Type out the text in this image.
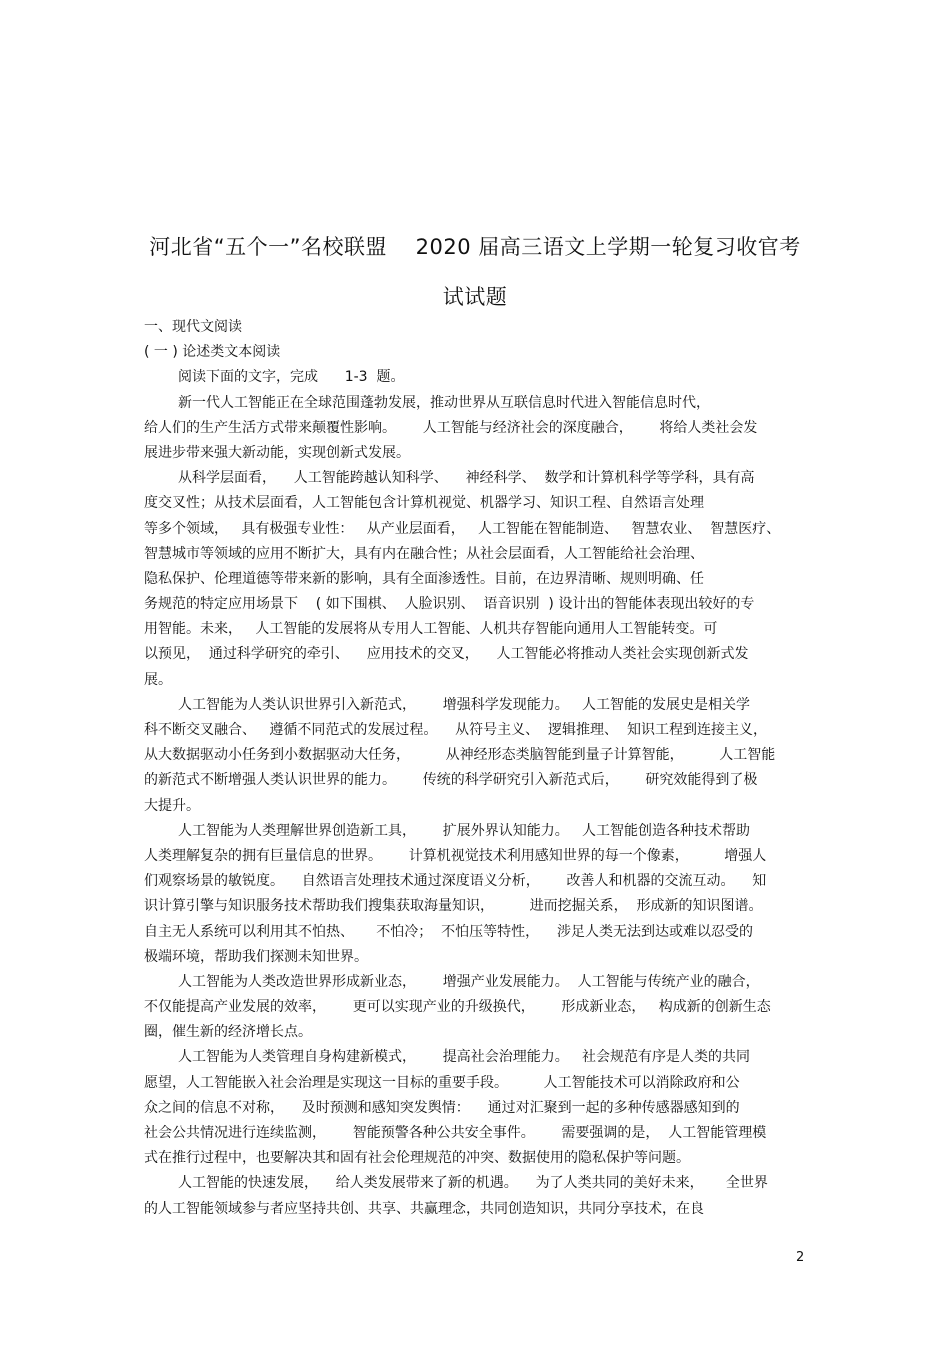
河北省“五个一”名校联盟    2020 届高三语文上学期一轮复习收官考
试试题
一、现代文阅读
( 一 ) 论述类文本阅读
阅读下面的文字，完成      1-3  题。
新一代人工智能正在全球范围蓬勃发展，推动世界从互联信息时代进入智能信息时代，
给人们的生产生活方式带来颠覆性影响。      人工智能与经济社会的深度融合，      将给人类社会发
展进步带来强大新动能，实现创新式发展。
从科学层面看，    人工智能跨越认知科学、    神经科学、  数学和计算机科学等学科，具有高
度交叉性；从技术层面看，人工智能包含计算机视觉、机器学习、知识工程、自然语言处理
等多个领域，   具有极强专业性：   从产业层面看，   人工智能在智能制造、   智慧农业、  智慧医疗、
智慧城市等领域的应用不断扩大，具有内在融合性；从社会层面看，人工智能给社会治理、
隐私保护、伦理道德等带来新的影响，具有全面渗透性。目前，在边界清晰、规则明确、任
务规范的特定应用场景下    ( 如下围棋、  人脸识别、  语音识别  ) 设计出的智能体表现出较好的专
用智能。未来，   人工智能的发展将从专用人工智能、人机共存智能向通用人工智能转变。可
以预见，  通过科学研究的牵引、    应用技术的交叉，    人工智能必将推动人类社会实现创新式发
展。
人工智能为人类认识世界引入新范式，      增强科学发现能力。   人工智能的发展史是相关学
科不断交叉融合、   遵循不同范式的发展过程。    从符号主义、  逻辑推理、  知识工程到连接主义，
从大数据驱动小任务到小数据驱动大任务，        从神经形态类脑智能到量子计算智能，        人工智能
的新范式不断增强人类认识世界的能力。      传统的科学研究引入新范式后，      研究效能得到了极
大提升。
人工智能为人类理解世界创造新工具，      扩展外界认知能力。   人工智能创造各种技术帮助
人类理解复杂的拥有巨量信息的世界。      计算机视觉技术利用感知世界的每一个像素，        增强人
们观察场景的敏锐度。    自然语言处理技术通过深度语义分析，      改善人和机器的交流互动。    知
识计算引擎与知识服务技术帮助我们搜集获取海量知识，        进而挖掘关系，  形成新的知识图谱。
自主无人系统可以利用其不怕热、     不怕冷；  不怕压等特性，    涉足人类无法到达或难以忍受的
极端环境，帮助我们探测未知世界。
人工智能为人类改造世界形成新业态，      增强产业发展能力。  人工智能与传统产业的融合，
不仅能提高产业发展的效率，      更可以实现产业的升级换代，      形成新业态，   构成新的创新生态
圈，催生新的经济增长点。
人工智能为人类管理自身构建新模式，      提高社会治理能力。   社会规范有序是人类的共同
愿望，人工智能嵌入社会治理是实现这一目标的重要手段。        人工智能技术可以消除政府和公
众之间的信息不对称，    及时预测和感知突发舆情：    通过对汇聚到一起的多种传感器感知到的
社会公共情况进行连续监测，      智能预警各种公共安全事件。      需要强调的是，  人工智能管理模
式在推行过程中，也要解决其和固有社会伦理规范的冲突、数据使用的隐私保护等问题。
人工智能的快速发展，    给人类发展带来了新的机遇。    为了人类共同的美好未来，     全世界
的人工智能领域参与者应坚持共创、共享、共赢理念，共同创造知识，共同分享技术，在良
2
